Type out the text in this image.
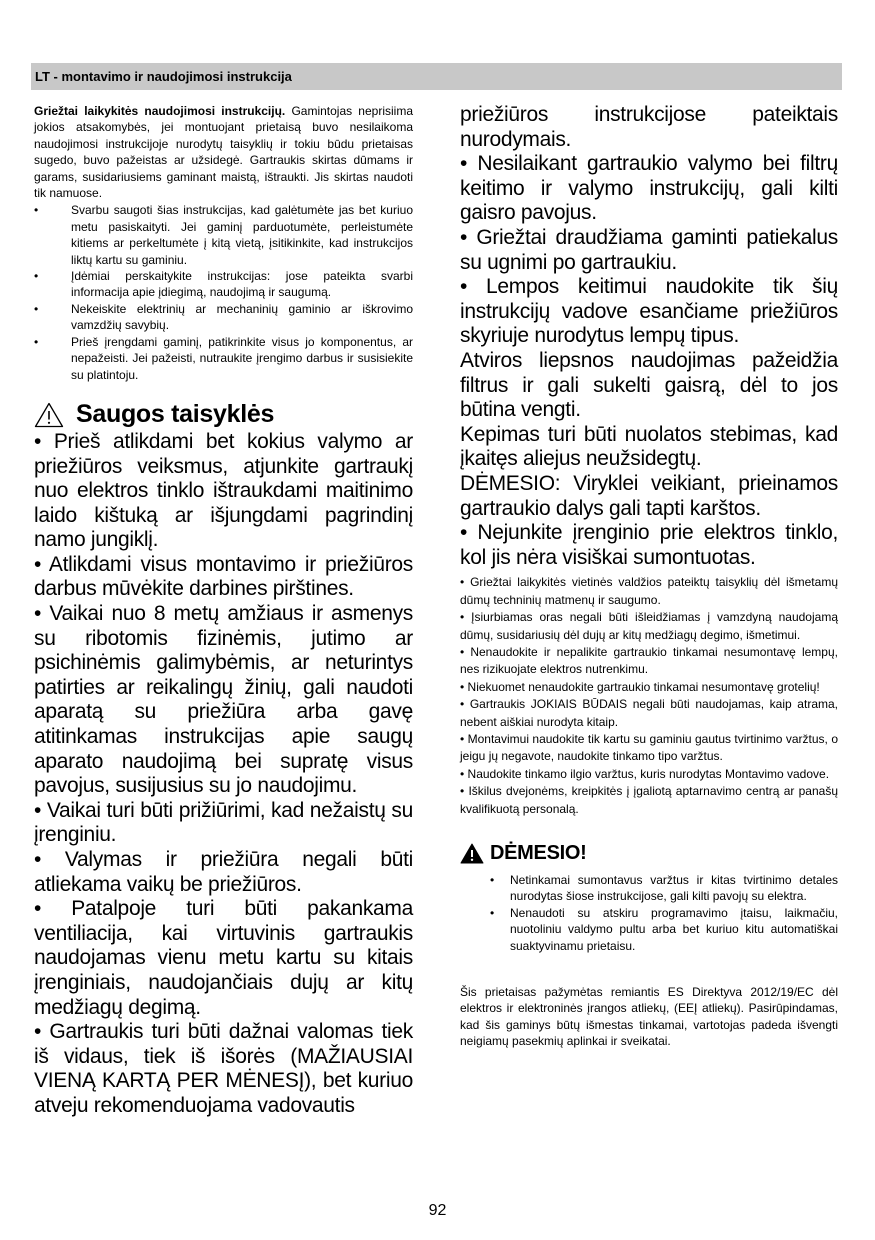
LT - montavimo ir naudojimosi instrukcija

Griežtai laikykitės naudojimosi instrukcijų. Gamintojas neprisiima jokios atsakomybės, jei montuojant prietaisą buvo nesilaikoma naudojimosi instrukcijoje nurodytų taisyklių ir tokiu būdu prietaisas sugedo, buvo pažeistas ar užsidegė. Gartraukis skirtas dūmams ir garams, susidariusiems gaminant maistą, ištraukti. Jis skirtas naudoti tik namuose.

• Svarbu saugoti šias instrukcijas, kad galėtumėte jas bet kuriuo metu pasiskaityti. Jei gaminį parduotumėte, perleistumėte kitiems ar perkeltumėte į kitą vietą, įsitikinkite, kad instrukcijos liktų kartu su gaminiu.
• Įdėmiai perskaitykite instrukcijas: jose pateikta svarbi informacija apie įdiegimą, naudojimą ir saugumą.
• Nekeiskite elektrinių ar mechaninių gaminio ar iškrovimo vamzdžių savybių.
• Prieš įrengdami gaminį, patikrinkite visus jo komponentus, ar nepažeisti. Jei pažeisti, nutraukite įrengimo darbus ir susisiekite su platintoju.
Saugos taisyklės

• Prieš atlikdami bet kokius valymo ar priežiūros veiksmus, atjunkite gartraukį nuo elektros tinklo ištraukdami maitinimo laido kištuką ar išjungdami pagrindinį namo jungiklį.

• Atlikdami visus montavimo ir priežiūros darbus mūvėkite darbines pirštines.

• Vaikai nuo 8 metų amžiaus ir asmenys su ribotomis fizinėmis, jutimo ar psichinėmis galimybėmis, ar neturintys patirties ar reikalingų žinių, gali naudoti aparatą su priežiūra arba gavę atitinkamas instrukcijas apie saugų aparato naudojimą bei supratę visus pavojus, susijusius su jo naudojimu.

• Vaikai turi būti prižiūrimi, kad nežaistų su įrenginiu.

• Valymas ir priežiūra negali būti atliekama vaikų be priežiūros.

• Patalpoje turi būti pakankama ventiliacija, kai virtuvinis gartraukis naudojamas vienu metu kartu su kitais įrenginiais, naudojančiais dujų ar kitų medžiagų degimą.

• Gartraukis turi būti dažnai valomas tiek iš vidaus, tiek iš išorės (MAŽIAUSIAI VIENĄ KARTĄ PER MĖNESĮ), bet kuriuo atveju rekomenduojama vadovautis

priežiūros instrukcijose pateiktais nurodymais.

• Nesilaikant gartraukio valymo bei filtrų keitimo ir valymo instrukcijų, gali kilti gaisro pavojus.

• Griežtai draudžiama gaminti patiekalus su ugnimi po gartraukiu.

• Lempos keitimui naudokite tik šių instrukcijų vadove esančiame priežiūros skyriuje nurodytus lempų tipus.

Atviros liepsnos naudojimas pažeidžia filtrus ir gali sukelti gaisrą, dėl to jos būtina vengti.

Kepimas turi būti nuolatos stebimas, kad įkaitęs aliejus neužsidegtų.

DĖMESIO: Viryklei veikiant, prieinamos gartraukio dalys gali tapti karštos.

• Nejunkite įrenginio prie elektros tinklo, kol jis nėra visiškai sumontuotas.

• Griežtai laikykitės vietinės valdžios pateiktų taisyklių dėl išmetamų dūmų techninių matmenų ir saugumo.

• Įsiurbiamas oras negali būti išleidžiamas į vamzdyną naudojamą dūmų, susidariusių dėl dujų ar kitų medžiagų degimo, išmetimui.

• Nenaudokite ir nepalikite gartraukio tinkamai nesumontavę lempų, nes rizikuojate elektros nutrenkimu.

• Niekuomet nenaudokite gartraukio tinkamai nesumontavę grotelių!

• Gartraukis JOKIAIS BŪDAIS negali būti naudojamas, kaip atrama, nebent aiškiai nurodyta kitaip.

• Montavimui naudokite tik kartu su gaminiu gautus tvirtinimo varžtus, o jeigu jų negavote, naudokite tinkamo tipo varžtus.

• Naudokite tinkamo ilgio varžtus, kuris nurodytas Montavimo vadove.

• Iškilus dvejonėms, kreipkitės į įgaliotą aptarnavimo centrą ar panašų kvalifikuotą personalą.

DĖMESIO!
• Netinkamai sumontavus varžtus ir kitas tvirtinimo detales nurodytas šiose instrukcijose, gali kilti pavojų su elektra.
• Nenaudoti su atskiru programavimo įtaisu, laikmačiu, nuotoliniu valdymo pultu arba bet kuriuo kitu automatiškai suaktyvinamu prietaisu.

Šis prietaisas pažymėtas remiantis ES Direktyva 2012/19/EC dėl elektros ir elektroninės įrangos atliekų, (EEĮ atliekų). Pasirūpindamas, kad šis gaminys būtų išmestas tinkamai, vartotojas padeda išvengti neigiamų pasekmių aplinkai ir sveikatai.

92
